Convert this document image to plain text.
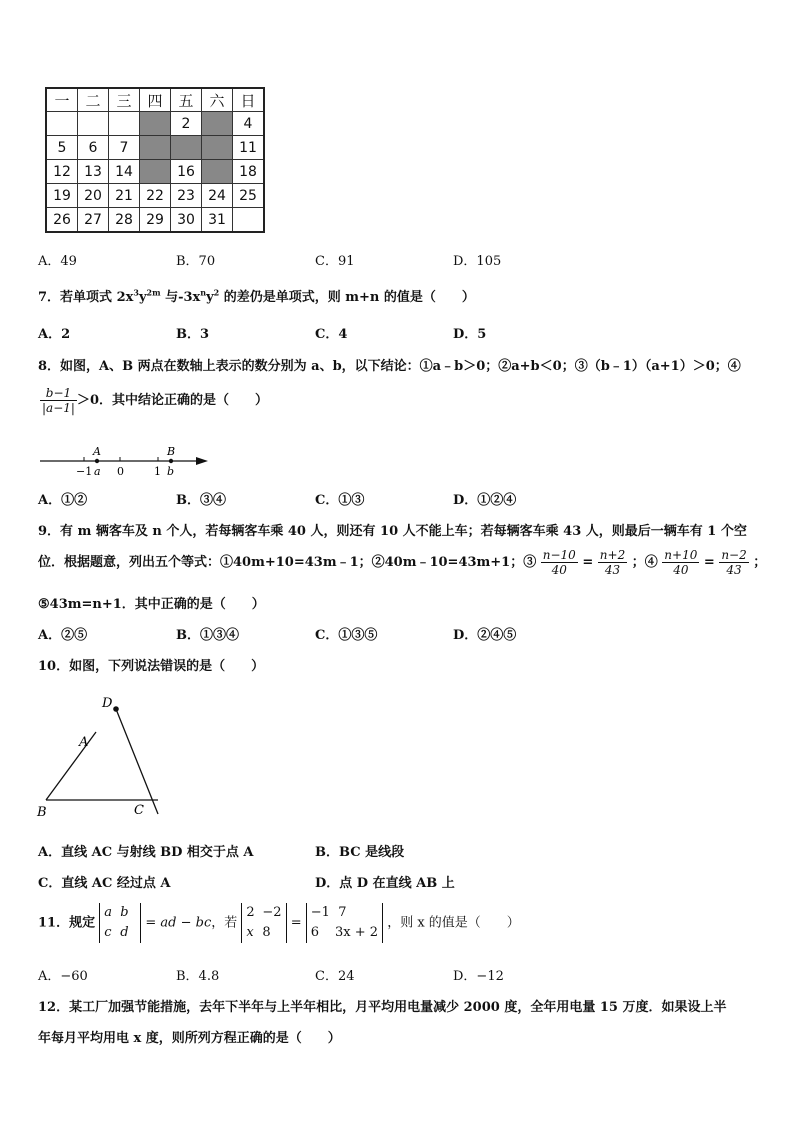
一	二	三	四	五	六	日
				2		4
5	6	7				11
12	13	14		16		18
19	20	21	22	23	24	25
26	27	28	29	30	31	
A．49	B．70	C．91	D．105
7．若单项式 $2x^3y^{2m}$ 与$-3x^ny^2$ 的差仍是单项式，则 m+n 的值是（　　）
A．2	B．3	C．4	D．5
8．如图，A、B 两点在数轴上表示的数分别为 a、b，以下结论：①a﹣b＞0；②a+b＜0；③（b﹣1）（a+1）＞0；④
$\frac{b-1}{|a-1|} >0$．其中结论正确的是（　　）
A	B
−1 a 0	1 b
A．①②	B．③④	C．①③	D．①②④
9．有 m 辆客车及 n 个人，若每辆客车乘 40 人，则还有 10 人不能上车；若每辆客车乘 43 人，则最后一辆车有 1 个空
位．根据题意，列出五个等式：①40m+10=43m﹣1；②40m﹣10=43m+1；③ $\frac{n-10}{40} = \frac{n+2}{43}$ ；④ $\frac{n+10}{40} = \frac{n-2}{43}$ ；
⑤43m=n+1．其中正确的是（　　）
A．②⑤	B．①③④	C．①③⑤	D．②④⑤
10．如图，下列说法错误的是（　　）
D
A
B	C
A．直线 AC 与射线 BD 相交于点 A	B．BC 是线段
C．直线 AC 经过点 A	D．点 D 在直线 AB 上
11．规定 a b
c d = ad − bc，若 2 −2
x 8 = −1 7
6 3x + 2 ，则 x 的值是（　　）
A．−60	B．4.8	C．24	D．−12
12．某工厂加强节能措施，去年下半年与上半年相比，月平均用电量减少 2000 度，全年用电量 15 万度．如果设上半
年每月平均用电 x 度，则所列方程正确的是（　　）
